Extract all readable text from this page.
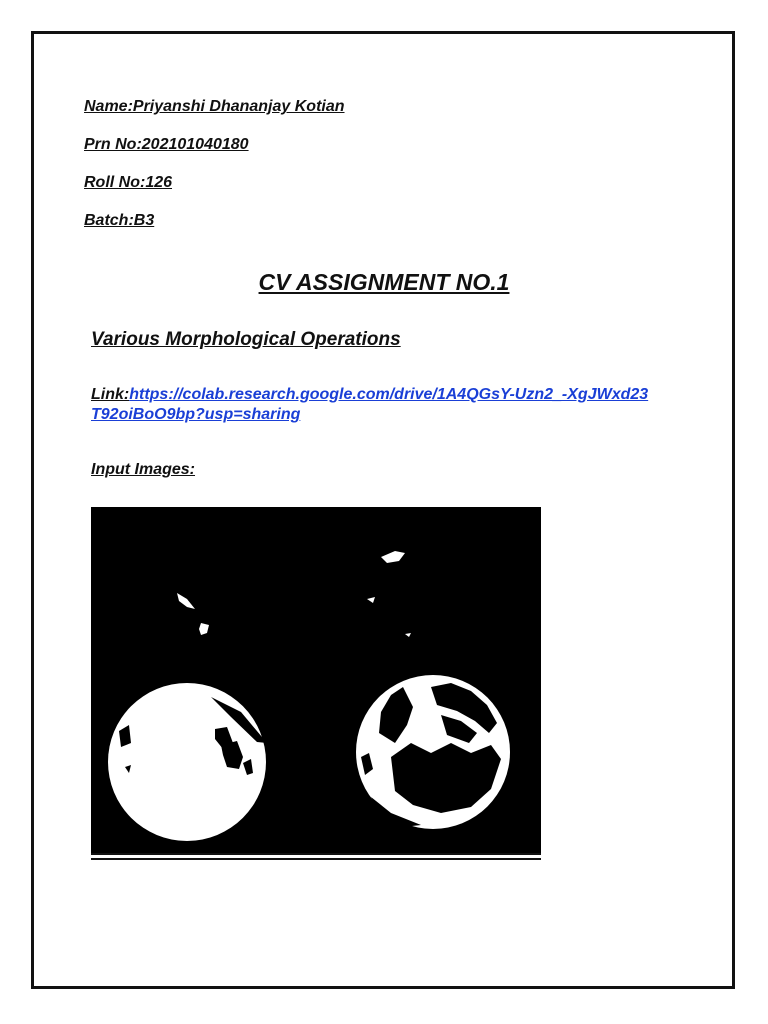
Name:Priyanshi Dhananjay Kotian
Prn No:202101040180
Roll No:126
Batch:B3
CV ASSIGNMENT NO.1
Various Morphological Operations
Link:https://colab.research.google.com/drive/1A4QGsY-Uzn2_-XgJWxd23T92oiBoO9bp?usp=sharing
Input Images:
